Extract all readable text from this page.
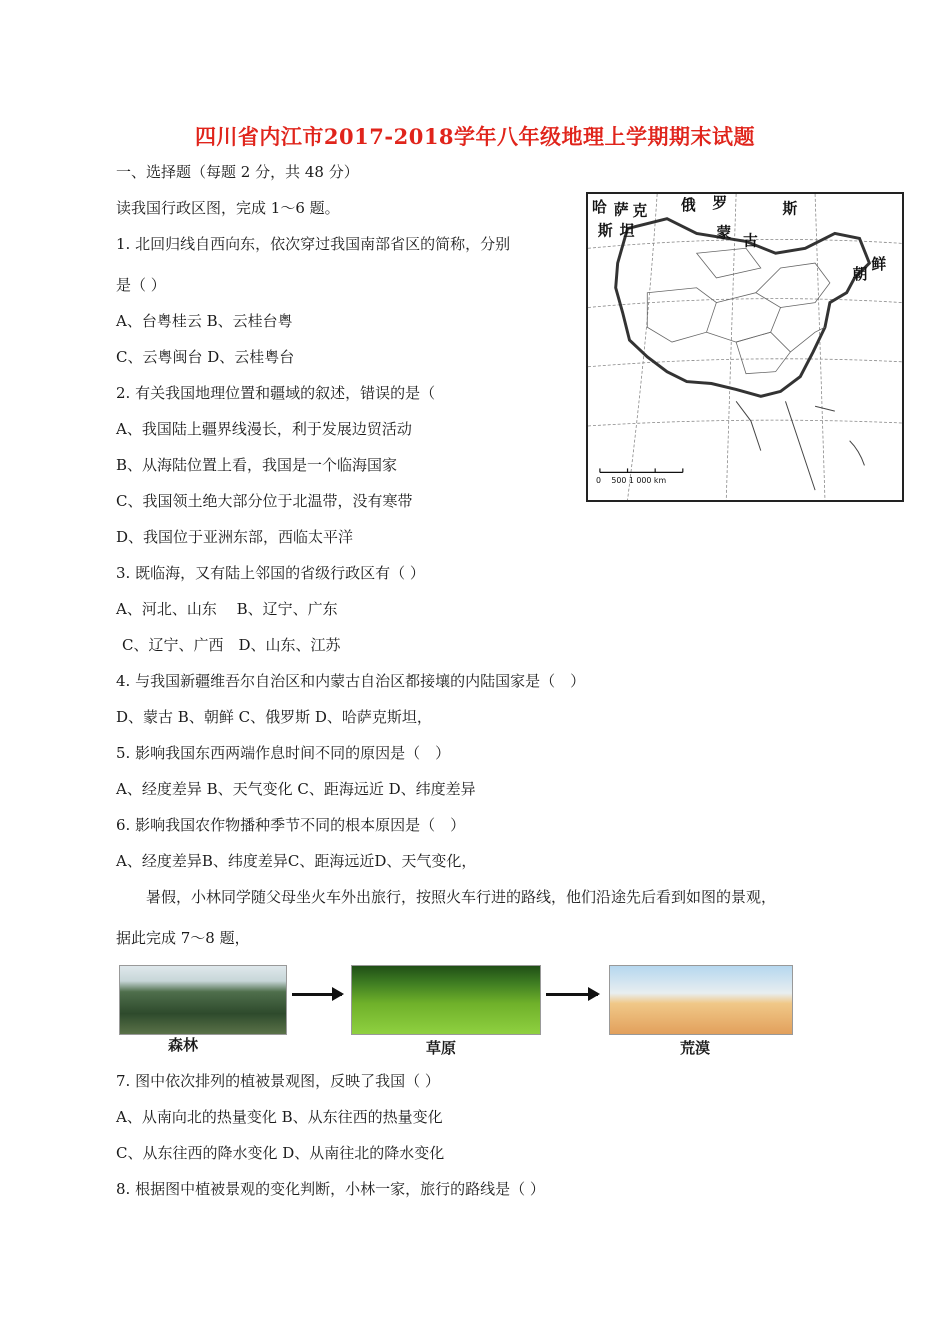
四川省内江市2017-2018学年八年级地理上学期期末试题
一、选择题（每题 2 分，共 48 分）
读我国行政区图，完成 1～6 题。
1. 北回归线自西向东，依次穿过我国南部省区的简称，分别
是（ ）
A、台粤桂云 B、云桂台粤
C、云粤闽台 D、云桂粤台
2. 有关我国地理位置和疆域的叙述，错误的是（
A、我国陆上疆界线漫长，利于发展边贸活动
B、从海陆位置上看，我国是一个临海国家
C、我国领土绝大部分位于北温带，没有寒带
D、我国位于亚洲东部，西临太平洋
3. 既临海，又有陆上邻国的省级行政区有（ ）
A、河北、山东　 B、辽宁、广东
C、辽宁、广西　D、山东、江苏
4. 与我国新疆维吾尔自治区和内蒙古自治区都接壤的内陆国家是（　）
D、蒙古 B、朝鲜 C、俄罗斯 D、哈萨克斯坦，
5. 影响我国东西两端作息时间不同的原因是（　）
A、经度差异 B、天气变化 C、距海远近 D、纬度差异
6. 影响我国农作物播种季节不同的根本原因是（　）
A、经度差异B、纬度差异C、距海远近D、天气变化，
暑假，小林同学随父母坐火车外出旅行，按照火车行进的路线，他们沿途先后看到如图的景观，
据此完成 7～8 题，
森林	草原	荒漠
7. 图中依次排列的植被景观图，反映了我国（ ）
A、从南向北的热量变化 B、从东往西的热量变化
C、从东往西的降水变化 D、从南往北的降水变化
8. 根据图中植被景观的变化判断，小林一家，旅行的路线是（ ）
哈 萨 克
斯 坦
俄 罗	斯
蒙 古
朝
鲜
0　 500 1 000 km
